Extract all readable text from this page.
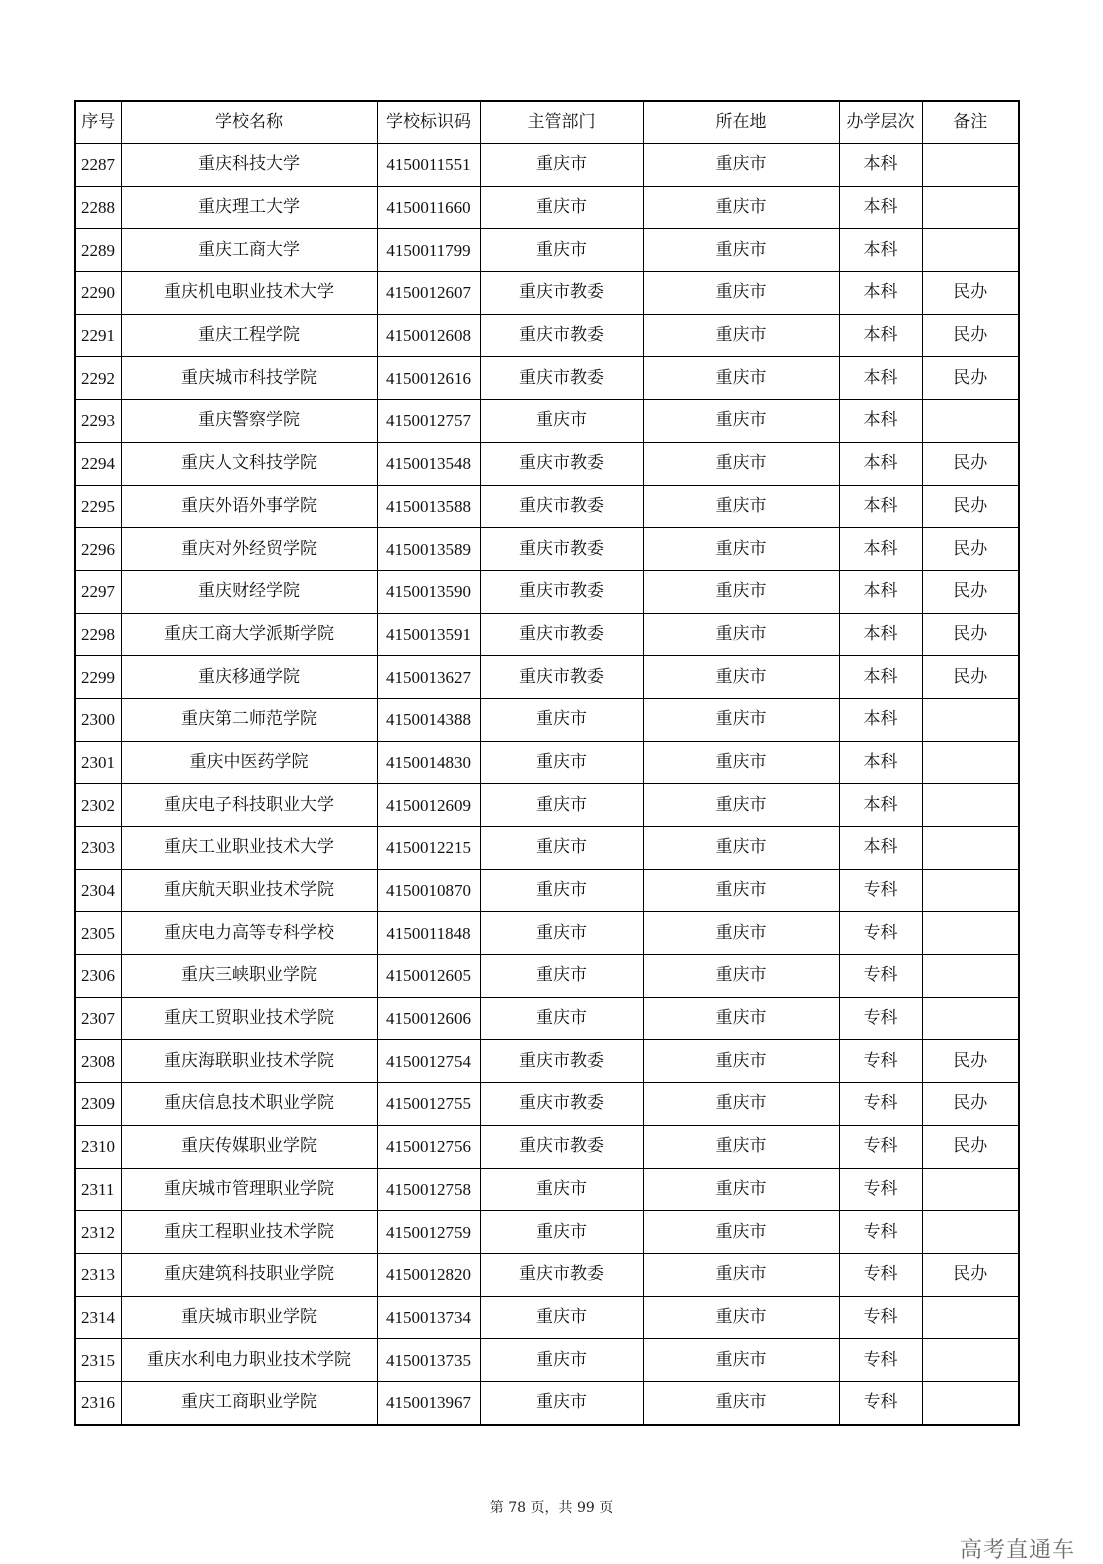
序号	学校名称	学校标识码	主管部门	所在地	办学层次	备注
2287	重庆科技大学	4150011551	重庆市	重庆市	本科	
2288	重庆理工大学	4150011660	重庆市	重庆市	本科	
2289	重庆工商大学	4150011799	重庆市	重庆市	本科	
2290	重庆机电职业技术大学	4150012607	重庆市教委	重庆市	本科	民办
2291	重庆工程学院	4150012608	重庆市教委	重庆市	本科	民办
2292	重庆城市科技学院	4150012616	重庆市教委	重庆市	本科	民办
2293	重庆警察学院	4150012757	重庆市	重庆市	本科	
2294	重庆人文科技学院	4150013548	重庆市教委	重庆市	本科	民办
2295	重庆外语外事学院	4150013588	重庆市教委	重庆市	本科	民办
2296	重庆对外经贸学院	4150013589	重庆市教委	重庆市	本科	民办
2297	重庆财经学院	4150013590	重庆市教委	重庆市	本科	民办
2298	重庆工商大学派斯学院	4150013591	重庆市教委	重庆市	本科	民办
2299	重庆移通学院	4150013627	重庆市教委	重庆市	本科	民办
2300	重庆第二师范学院	4150014388	重庆市	重庆市	本科	
2301	重庆中医药学院	4150014830	重庆市	重庆市	本科	
2302	重庆电子科技职业大学	4150012609	重庆市	重庆市	本科	
2303	重庆工业职业技术大学	4150012215	重庆市	重庆市	本科	
2304	重庆航天职业技术学院	4150010870	重庆市	重庆市	专科	
2305	重庆电力高等专科学校	4150011848	重庆市	重庆市	专科	
2306	重庆三峡职业学院	4150012605	重庆市	重庆市	专科	
2307	重庆工贸职业技术学院	4150012606	重庆市	重庆市	专科	
2308	重庆海联职业技术学院	4150012754	重庆市教委	重庆市	专科	民办
2309	重庆信息技术职业学院	4150012755	重庆市教委	重庆市	专科	民办
2310	重庆传媒职业学院	4150012756	重庆市教委	重庆市	专科	民办
2311	重庆城市管理职业学院	4150012758	重庆市	重庆市	专科	
2312	重庆工程职业技术学院	4150012759	重庆市	重庆市	专科	
2313	重庆建筑科技职业学院	4150012820	重庆市教委	重庆市	专科	民办
2314	重庆城市职业学院	4150013734	重庆市	重庆市	专科	
2315	重庆水利电力职业技术学院	4150013735	重庆市	重庆市	专科	
2316	重庆工商职业学院	4150013967	重庆市	重庆市	专科	
第 78 页，共 99 页
高考直通车
